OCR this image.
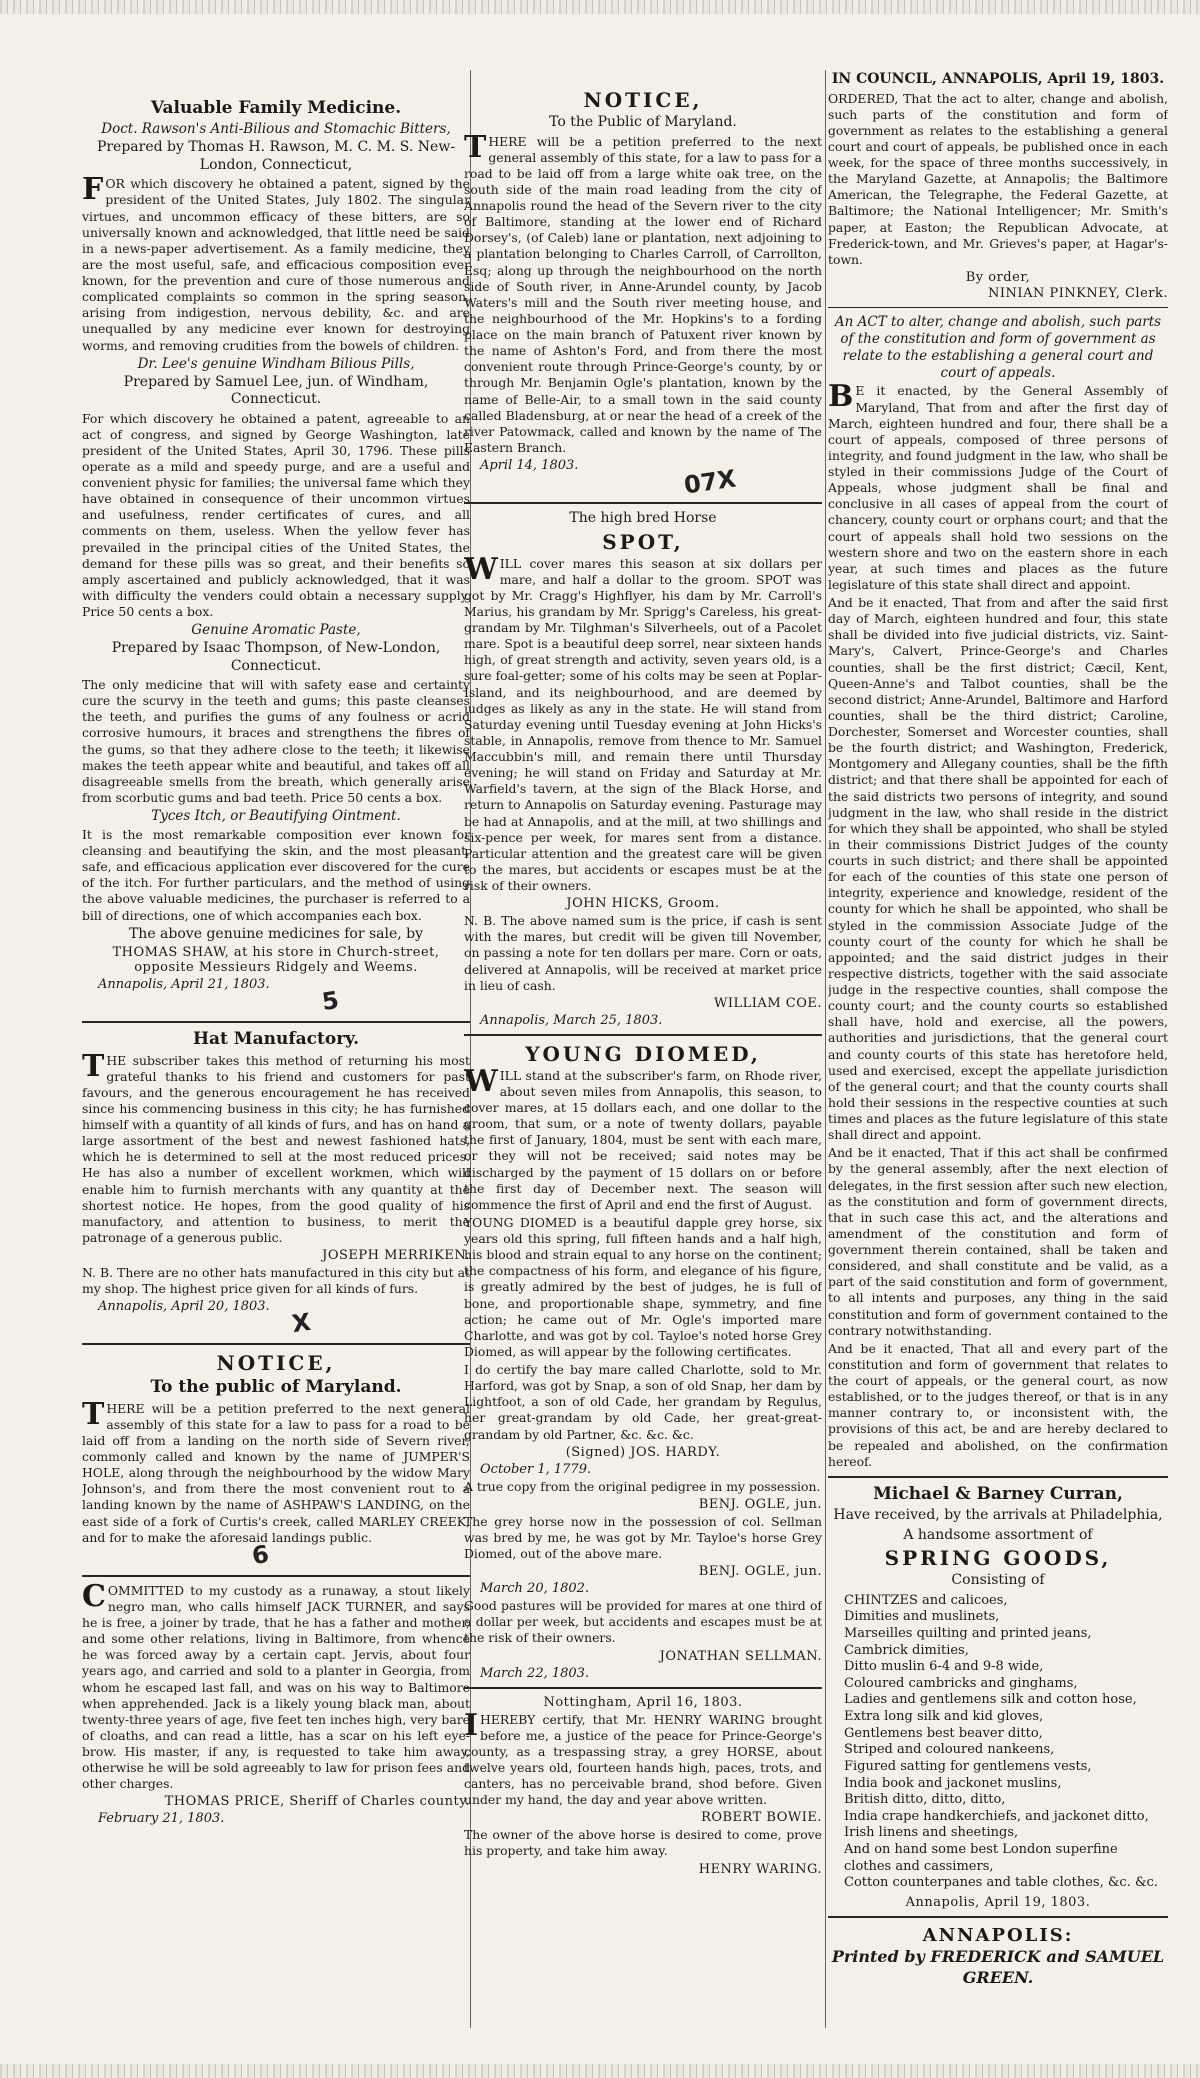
Valuable Family Medicine.
Doct. Rawson's Anti-Bilious and Stomachic Bitters,
Prepared by Thomas H. Rawson, M. C. M. S. New-London, Connecticut,

FOR which discovery he obtained a patent, signed by the president of the United States, July 1802. The singular virtues, and uncommon efficacy of these bitters, are so universally known and acknowledged, that little need be said in a news-paper advertisement. As a family medicine, they are the most useful, safe, and efficacious composition ever known, for the prevention and cure of those numerous and complicated complaints so common in the spring season, arising from indigestion, nervous debility, &c. and are unequalled by any medicine ever known for destroying worms, and removing crudities from the bowels of children.

Dr. Lee's genuine Windham Bilious Pills,
Prepared by Samuel Lee, jun. of Windham, Connecticut.

For which discovery he obtained a patent, agreeable to an act of congress, and signed by George Washington, late president of the United States, April 30, 1796. These pills operate as a mild and speedy purge, and are a useful and convenient physic for families; the universal fame which they have obtained in consequence of their uncommon virtues and usefulness, render certificates of cures, and all comments on them, useless. When the yellow fever has prevailed in the principal cities of the United States, the demand for these pills was so great, and their benefits so amply ascertained and publicly acknowledged, that it was with difficulty the venders could obtain a necessary supply. Price 50 cents a box.

Genuine Aromatic Paste,
Prepared by Isaac Thompson, of New-London, Connecticut.

The only medicine that will with safety ease and certainty cure the scurvy in the teeth and gums; this paste cleanses the teeth, and purifies the gums of any foulness or acrid corrosive humours, it braces and strengthens the fibres of the gums, so that they adhere close to the teeth; it likewise makes the teeth appear white and beautiful, and takes off all disagreeable smells from the breath, which generally arise from scorbutic gums and bad teeth. Price 50 cents a box.

Tyces Itch, or Beautifying Ointment.

It is the most remarkable composition ever known for cleansing and beautifying the skin, and the most pleasant, safe, and efficacious application ever discovered for the cure of the itch. For further particulars, and the method of using the above valuable medicines, the purchaser is referred to a bill of directions, one of which accompanies each box.

The above genuine medicines for sale, by
THOMAS SHAW, at his store in Church-street, opposite Messieurs Ridgely and Weems.
Annapolis, April 21, 1803.
5
Hat Manufactory.

THE subscriber takes this method of returning his most grateful thanks to his friend and customers for past favours, and the generous encouragement he has received since his commencing business in this city; he has furnished himself with a quantity of all kinds of furs, and has on hand a large assortment of the best and newest fashioned hats, which he is determined to sell at the most reduced prices. He has also a number of excellent workmen, which will enable him to furnish merchants with any quantity at the shortest notice. He hopes, from the good quality of his manufactory, and attention to business, to merit the patronage of a generous public.

JOSEPH MERRIKEN.

N. B. There are no other hats manufactured in this city but at my shop. The highest price given for all kinds of furs.

Annapolis, April 20, 1803.
X
NOTICE,
To the public of Maryland.

THERE will be a petition preferred to the next general assembly of this state for a law to pass for a road to be laid off from a landing on the north side of Severn river, commonly called and known by the name of JUMPER'S HOLE, along through the neighbourhood by the widow Mary Johnson's, and from there the most convenient rout to a landing known by the name of ASHPAW'S LANDING, on the east side of a fork of Curtis's creek, called MARLEY CREEK, and for to make the aforesaid landings public.

6

COMMITTED to my custody as a runaway, a stout likely negro man, who calls himself JACK TURNER, and says he is free, a joiner by trade, that he has a father and mother, and some other relations, living in Baltimore, from whence he was forced away by a certain capt. Jervis, about four years ago, and carried and sold to a planter in Georgia, from whom he escaped last fall, and was on his way to Baltimore when apprehended. Jack is a likely young black man, about twenty-three years of age, five feet ten inches high, very bare of cloaths, and can read a little, has a scar on his left eye-brow. His master, if any, is requested to take him away, otherwise he will be sold agreeably to law for prison fees and other charges.

THOMAS PRICE, Sheriff of Charles county.
February 21, 1803.
NOTICE,
To the Public of Maryland.

THERE will be a petition preferred to the next general assembly of this state, for a law to pass for a road to be laid off from a large white oak tree, on the south side of the main road leading from the city of Annapolis round the head of the Severn river to the city of Baltimore, standing at the lower end of Richard Dorsey's, (of Caleb) lane or plantation, next adjoining to a plantation belonging to Charles Carroll, of Carrollton, Esq; along up through the neighbourhood on the north side of South river, in Anne-Arundel county, by Jacob Waters's mill and the South river meeting house, and the neighbourhood of the Mr. Hopkins's to a fording place on the main branch of Patuxent river known by the name of Ashton's Ford, and from there the most convenient route through Prince-George's county, by or through Mr. Benjamin Ogle's plantation, known by the name of Belle-Air, to a small town in the said county called Bladensburg, at or near the head of a creek of the river Patowmack, called and known by the name of The Eastern Branch.

April 14, 1803.	07X
The high bred Horse
SPOT,

WILL cover mares this season at six dollars per mare, and half a dollar to the groom. SPOT was got by Mr. Cragg's Highflyer, his dam by Mr. Carroll's Marius, his grandam by Mr. Sprigg's Careless, his great-grandam by Mr. Tilghman's Silverheels, out of a Pacolet mare. Spot is a beautiful deep sorrel, near sixteen hands high, of great strength and activity, seven years old, is a sure foal-getter; some of his colts may be seen at Poplar-Island, and its neighbourhood, and are deemed by judges as likely as any in the state. He will stand from Saturday evening until Tuesday evening at John Hicks's stable, in Annapolis, remove from thence to Mr. Samuel Maccubbin's mill, and remain there until Thursday evening; he will stand on Friday and Saturday at Mr. Warfield's tavern, at the sign of the Black Horse, and return to Annapolis on Saturday evening. Pasturage may be had at Annapolis, and at the mill, at two shillings and six-pence per week, for mares sent from a distance. Particular attention and the greatest care will be given to the mares, but accidents or escapes must be at the risk of their owners.

JOHN HICKS, Groom.

N. B. The above named sum is the price, if cash is sent with the mares, but credit will be given till November, on passing a note for ten dollars per mare. Corn or oats, delivered at Annapolis, will be received at market price in lieu of cash.

WILLIAM COE.
Annapolis, March 25, 1803.
YOUNG DIOMED,

WILL stand at the subscriber's farm, on Rhode river, about seven miles from Annapolis, this season, to cover mares, at 15 dollars each, and one dollar to the groom, that sum, or a note of twenty dollars, payable the first of January, 1804, must be sent with each mare, or they will not be received; said notes may be discharged by the payment of 15 dollars on or before the first day of December next. The season will commence the first of April and end the first of August.

YOUNG DIOMED is a beautiful dapple grey horse, six years old this spring, full fifteen hands and a half high, his blood and strain equal to any horse on the continent; the compactness of his form, and elegance of his figure, is greatly admired by the best of judges, he is full of bone, and proportionable shape, symmetry, and fine action; he came out of Mr. Ogle's imported mare Charlotte, and was got by col. Tayloe's noted horse Grey Diomed, as will appear by the following certificates.

I do certify the bay mare called Charlotte, sold to Mr. Harford, was got by Snap, a son of old Snap, her dam by Lightfoot, a son of old Cade, her grandam by Regulus, her great-grandam by old Cade, her great-great-grandam by old Partner, &c. &c. &c.

(Signed) JOS. HARDY.
October 1, 1779.

A true copy from the original pedigree in my possession.

BENJ. OGLE, jun.

The grey horse now in the possession of col. Sellman was bred by me, he was got by Mr. Tayloe's horse Grey Diomed, out of the above mare.

BENJ. OGLE, jun.
March 20, 1802.

Good pastures will be provided for mares at one third of a dollar per week, but accidents and escapes must be at the risk of their owners.

JONATHAN SELLMAN.
March 22, 1803.
Nottingham, April 16, 1803.

IHEREBY certify, that Mr. HENRY WARING brought before me, a justice of the peace for Prince-George's county, as a trespassing stray, a grey HORSE, about twelve years old, fourteen hands high, paces, trots, and canters, has no perceivable brand, shod before. Given under my hand, the day and year above written.

ROBERT BOWIE.

The owner of the above horse is desired to come, prove his property, and take him away.

HENRY WARING.
IN COUNCIL, ANNAPOLIS, April 19, 1803.

ORDERED, That the act to alter, change and abolish, such parts of the constitution and form of government as relates to the establishing a general court and court of appeals, be published once in each week, for the space of three months successively, in the Maryland Gazette, at Annapolis; the Baltimore American, the Telegraphe, the Federal Gazette, at Baltimore; the National Intelligencer; Mr. Smith's paper, at Easton; the Republican Advocate, at Frederick-town, and Mr. Grieves's paper, at Hagar's-town.

By order,
NINIAN PINKNEY, Clerk.
An ACT to alter, change and abolish, such parts of the constitution and form of government as relate to the establishing a general court and court of appeals.

BE it enacted, by the General Assembly of Maryland, That from and after the first day of March, eighteen hundred and four, there shall be a court of appeals, composed of three persons of integrity, and found judgment in the law, who shall be styled in their commissions Judge of the Court of Appeals, whose judgment shall be final and conclusive in all cases of appeal from the court of chancery, county court or orphans court; and that the court of appeals shall hold two sessions on the western shore and two on the eastern shore in each year, at such times and places as the future legislature of this state shall direct and appoint.

And be it enacted, That from and after the said first day of March, eighteen hundred and four, this state shall be divided into five judicial districts, viz. Saint-Mary's, Calvert, Prince-George's and Charles counties, shall be the first district; Cæcil, Kent, Queen-Anne's and Talbot counties, shall be the second district; Anne-Arundel, Baltimore and Harford counties, shall be the third district; Caroline, Dorchester, Somerset and Worcester counties, shall be the fourth district; and Washington, Frederick, Montgomery and Allegany counties, shall be the fifth district; and that there shall be appointed for each of the said districts two persons of integrity, and sound judgment in the law, who shall reside in the district for which they shall be appointed, who shall be styled in their commissions District Judges of the county courts in such district; and there shall be appointed for each of the counties of this state one person of integrity, experience and knowledge, resident of the county for which he shall be appointed, who shall be styled in the commission Associate Judge of the county court of the county for which he shall be appointed; and the said district judges in their respective districts, together with the said associate judge in the respective counties, shall compose the county court; and the county courts so established shall have, hold and exercise, all the powers, authorities and jurisdictions, that the general court and county courts of this state has heretofore held, used and exercised, except the appellate jurisdiction of the general court; and that the county courts shall hold their sessions in the respective counties at such times and places as the future legislature of this state shall direct and appoint.

And be it enacted, That if this act shall be confirmed by the general assembly, after the next election of delegates, in the first session after such new election, as the constitution and form of government directs, that in such case this act, and the alterations and amendment of the constitution and form of government therein contained, shall be taken and considered, and shall constitute and be valid, as a part of the said constitution and form of government, to all intents and purposes, any thing in the said constitution and form of government contained to the contrary notwithstanding.

And be it enacted, That all and every part of the constitution and form of government that relates to the court of appeals, or the general court, as now established, or to the judges thereof, or that is in any manner contrary to, or inconsistent with, the provisions of this act, be and are hereby declared to be repealed and abolished, on the confirmation hereof.

Michael & Barney Curran,
Have received, by the arrivals at Philadelphia,
A handsome assortment of
SPRING GOODS,
Consisting of
CHINTZES and calicoes,
Dimities and muslinets,
Marseilles quilting and printed jeans,
Cambrick dimities,
Ditto muslin 6-4 and 9-8 wide,
Coloured cambricks and ginghams,
Ladies and gentlemens silk and cotton hose,
Extra long silk and kid gloves,
Gentlemens best beaver ditto,
Striped and coloured nankeens,
Figured satting for gentlemens vests,
India book and jackonet muslins,
British ditto, ditto, ditto,
India crape handkerchiefs, and jackonet ditto,
Irish linens and sheetings,
And on hand some best London superfine clothes and cassimers,
Cotton counterpanes and table clothes, &c. &c.
Annapolis, April 19, 1803.
ANNAPOLIS:
Printed by FREDERICK and SAMUEL
GREEN.
